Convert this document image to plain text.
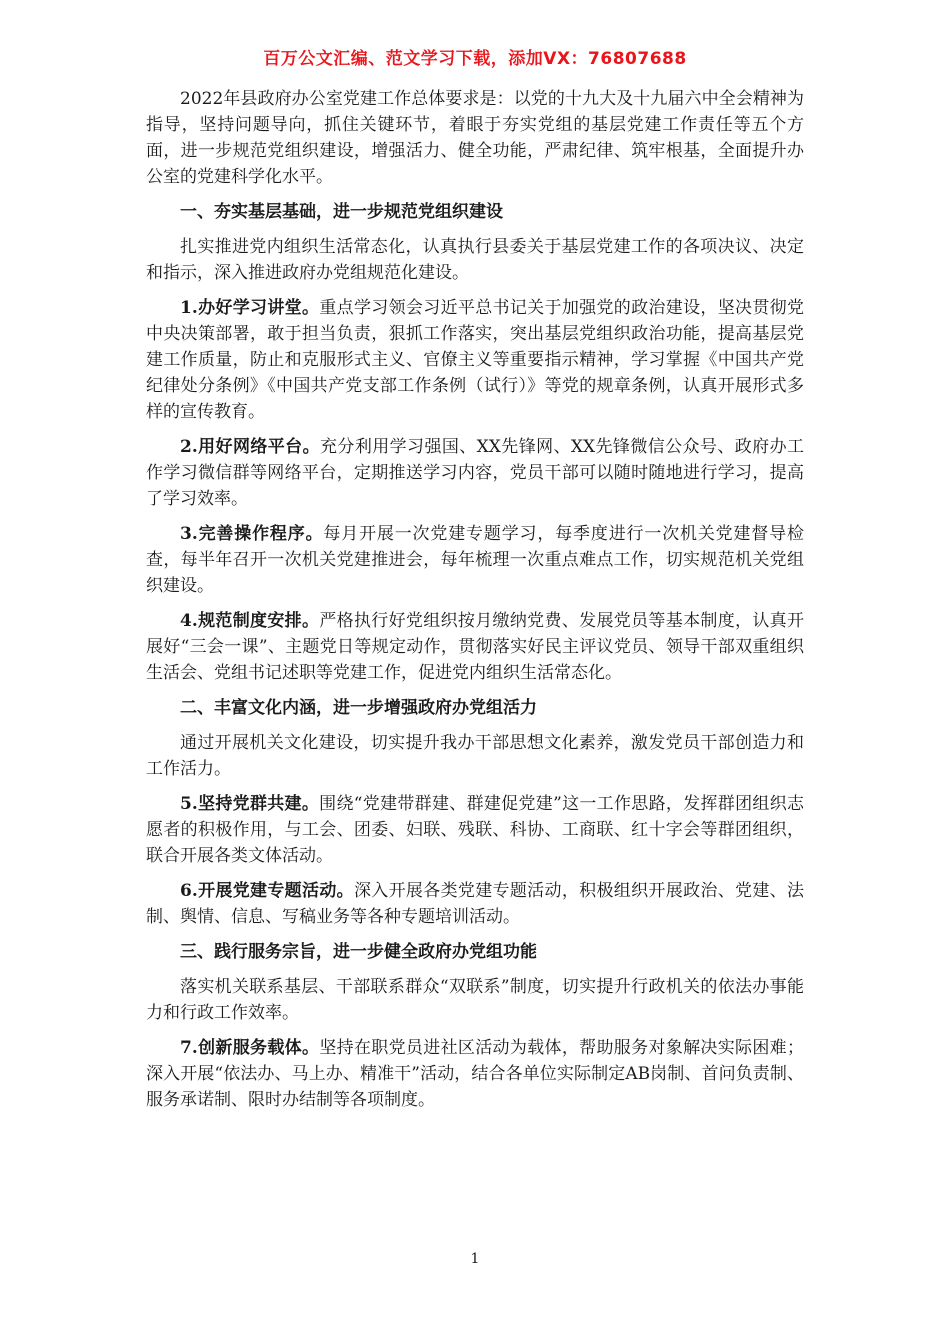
百万公文汇编、范文学习下载，添加VX：76807688

2022年县政府办公室党建工作总体要求是：以党的十九大及十九届六中全会精神为指导，坚持问题导向，抓住关键环节，着眼于夯实党组的基层党建工作责任等五个方面，进一步规范党组织建设，增强活力、健全功能，严肃纪律、筑牢根基，全面提升办公室的党建科学化水平。

一、夯实基层基础，进一步规范党组织建设

扎实推进党内组织生活常态化，认真执行县委关于基层党建工作的各项决议、决定和指示，深入推进政府办党组规范化建设。

1.办好学习讲堂。重点学习领会习近平总书记关于加强党的政治建设，坚决贯彻党中央决策部署，敢于担当负责，狠抓工作落实，突出基层党组织政治功能，提高基层党建工作质量，防止和克服形式主义、官僚主义等重要指示精神，学习掌握《中国共产党纪律处分条例》《中国共产党支部工作条例（试行）》等党的规章条例，认真开展形式多样的宣传教育。

2.用好网络平台。充分利用学习强国、XX先锋网、XX先锋微信公众号、政府办工作学习微信群等网络平台，定期推送学习内容，党员干部可以随时随地进行学习，提高了学习效率。

3.完善操作程序。每月开展一次党建专题学习，每季度进行一次机关党建督导检查，每半年召开一次机关党建推进会，每年梳理一次重点难点工作，切实规范机关党组织建设。

4.规范制度安排。严格执行好党组织按月缴纳党费、发展党员等基本制度，认真开展好“三会一课”、主题党日等规定动作，贯彻落实好民主评议党员、领导干部双重组织生活会、党组书记述职等党建工作，促进党内组织生活常态化。

二、丰富文化内涵，进一步增强政府办党组活力

通过开展机关文化建设，切实提升我办干部思想文化素养，激发党员干部创造力和工作活力。

5.坚持党群共建。围绕“党建带群建、群建促党建”这一工作思路，发挥群团组织志愿者的积极作用，与工会、团委、妇联、残联、科协、工商联、红十字会等群团组织，联合开展各类文体活动。

6.开展党建专题活动。深入开展各类党建专题活动，积极组织开展政治、党建、法制、舆情、信息、写稿业务等各种专题培训活动。

三、践行服务宗旨，进一步健全政府办党组功能

落实机关联系基层、干部联系群众“双联系”制度，切实提升行政机关的依法办事能力和行政工作效率。

7.创新服务载体。坚持在职党员进社区活动为载体，帮助服务对象解决实际困难；深入开展“依法办、马上办、精准干”活动，结合各单位实际制定AB岗制、首问负责制、服务承诺制、限时办结制等各项制度。

1
